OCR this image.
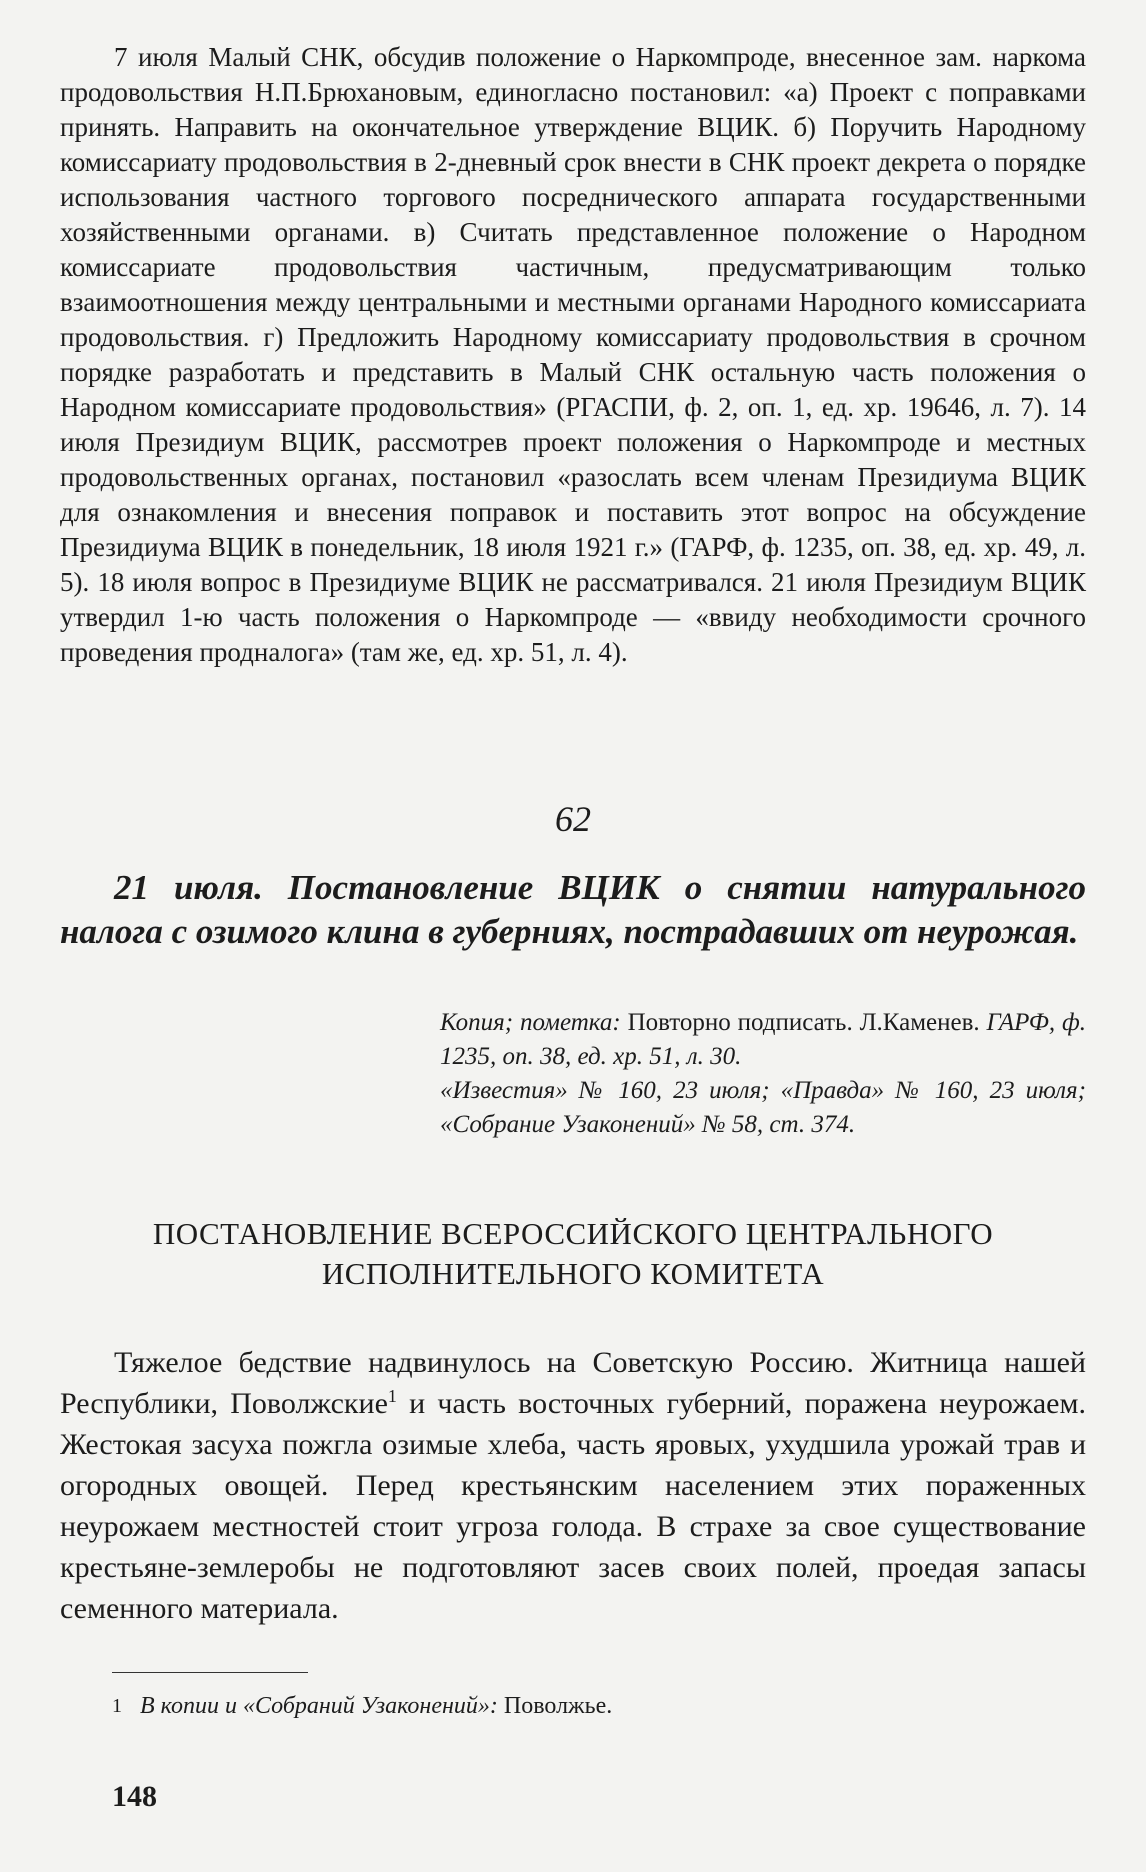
7 июля Малый СНК, обсудив положение о Наркомпроде, внесенное зам. наркома продовольствия Н.П.Брюхановым, единогласно постановил: «а) Проект с поправками принять. Направить на окончательное утверждение ВЦИК. б) Поручить Народному комиссариату продовольствия в 2-дневный срок внести в СНК проект декрета о порядке использования частного торгового посреднического аппарата государственными хозяйственными органами. в) Считать представленное положение о Народном комиссариате продовольствия частичным, предусматривающим только взаимоотношения между центральными и местными органами Народного комиссариата продовольствия. г) Предложить Народному комиссариату продовольствия в срочном порядке разработать и представить в Малый СНК остальную часть положения о Народном комиссариате продовольствия» (РГАСПИ, ф. 2, оп. 1, ед. хр. 19646, л. 7). 14 июля Президиум ВЦИК, рассмотрев проект положения о Наркомпроде и местных продовольственных органах, постановил «разослать всем членам Президиума ВЦИК для ознакомления и внесения поправок и поставить этот вопрос на обсуждение Президиума ВЦИК в понедельник, 18 июля 1921 г.» (ГАРФ, ф. 1235, оп. 38, ед. хр. 49, л. 5). 18 июля вопрос в Президиуме ВЦИК не рассматривался. 21 июля Президиум ВЦИК утвердил 1-ю часть положения о Наркомпроде — «ввиду необходимости срочного проведения продналога» (там же, ед. хр. 51, л. 4).

62

21 июля. Постановление ВЦИК о снятии натурального налога с озимого клина в губерниях, пострадавших от неурожая.

Копия; пометка: Повторно подписать. Л.Каменев. ГАРФ, ф. 1235, оп. 38, ед. хр. 51, л. 30.
«Известия» № 160, 23 июля; «Правда» № 160, 23 июля; «Собрание Узаконений» № 58, ст. 374.

ПОСТАНОВЛЕНИЕ ВСЕРОССИЙСКОГО ЦЕНТРАЛЬНОГО ИСПОЛНИТЕЛЬНОГО КОМИТЕТА

Тяжелое бедствие надвинулось на Советскую Россию. Житница нашей Республики, Поволжские$^1$ и часть восточных губерний, поражена неурожаем. Жестокая засуха пожгла озимые хлеба, часть яровых, ухудшила урожай трав и огородных овощей. Перед крестьянским населением этих пораженных неурожаем местностей стоит угроза голода. В страхе за свое существование крестьяне-землеробы не подготовляют засев своих полей, проедая запасы семенного материала.

$^1$ В копии и «Собраний Узаконений»: Поволжье.

148
